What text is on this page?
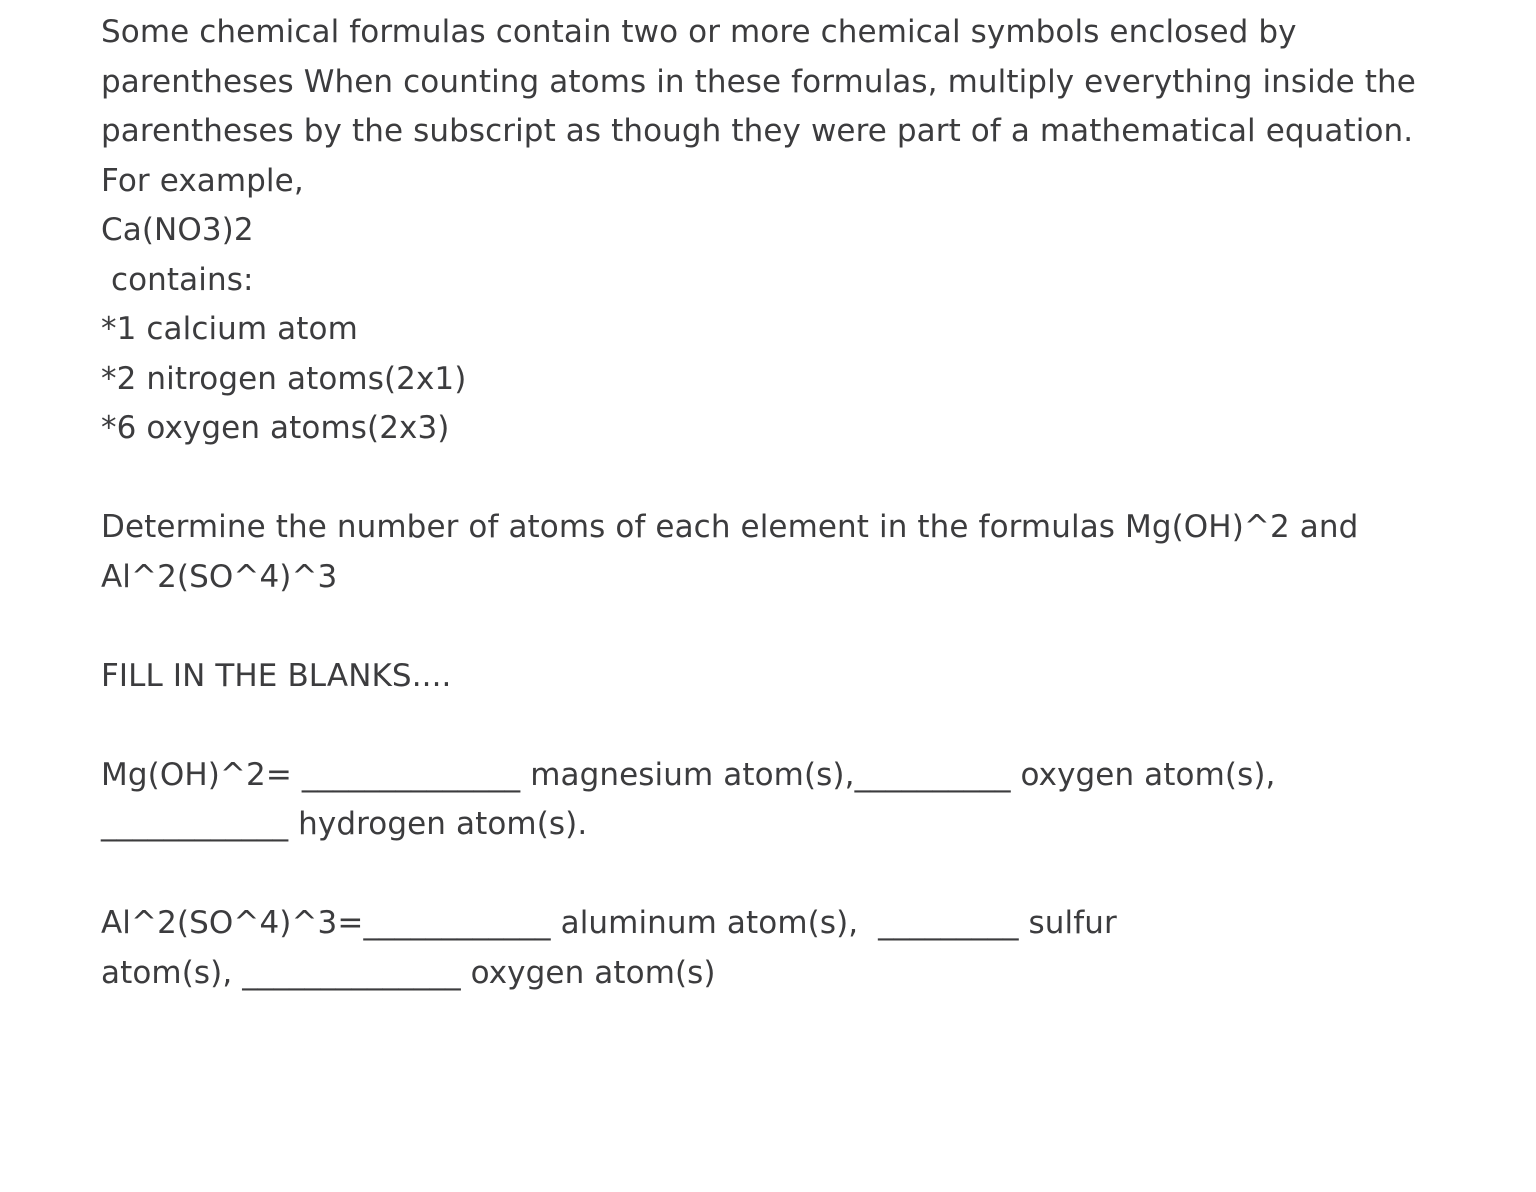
Some chemical formulas contain two or more chemical symbols enclosed by
parentheses When counting atoms in these formulas, multiply everything inside the
parentheses by the subscript as though they were part of a mathematical equation.
For example,
Ca(NO3)2
contains:
*1 calcium atom
*2 nitrogen atoms(2x1)
*6 oxygen atoms(2x3)
Determine the number of atoms of each element in the formulas Mg(OH)^2 and
Al^2(SO^4)^3
FILL IN THE BLANKS....
Mg(OH)^2= ______________ magnesium atom(s),__________ oxygen atom(s),
____________ hydrogen atom(s).
Al^2(SO^4)^3=____________ aluminum atom(s),  _________ sulfur
atom(s), ______________ oxygen atom(s)
